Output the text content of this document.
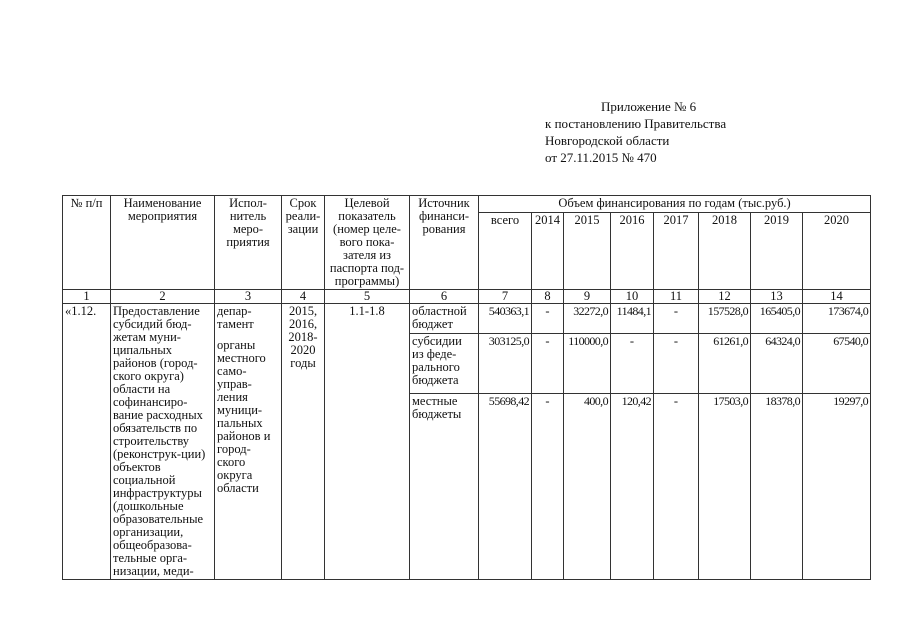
Приложение № 6
к постановлению Правительства
Новгородской области
от 27.11.2015 № 470
№ п/п	Наименование мероприятия	Испол-нитель меро-приятия	Срок реали-зации	Целевой показатель (номер целе-вого пока-зателя из паспорта под-программы)	Источник финанси-рования	Объем финансирования по годам (тыс.руб.)							
						всего	2014	2015	2016	2017	2018	2019	2020
1	2	3	4	5	6	7	8	9	10	11	12	13	14
«1.12.	Предоставление субсидий бюд-жетам муни-ципальных районов (город-ского округа) области на софинансиро-вание расходных обязательств по строительству (реконструк-ции) объектов социальной инфраструктуры (дошкольные образовательные организации, общеобразова-тельные орга-низации, меди-	депар-тамент
органы местного само-управ-ления муници-пальных районов и город-ского округа области	2015, 2016, 2018-2020 годы	1.1-1.8	областной бюджет	540363,1	-	32272,0	11484,1	-	157528,0	165405,0	173674,0
					субсидии из феде-рального бюджета	303125,0	-	110000,0	-	-	61261,0	64324,0	67540,0
					местные бюджеты	55698,42	-	400,0	120,42	-	17503,0	18378,0	19297,0
